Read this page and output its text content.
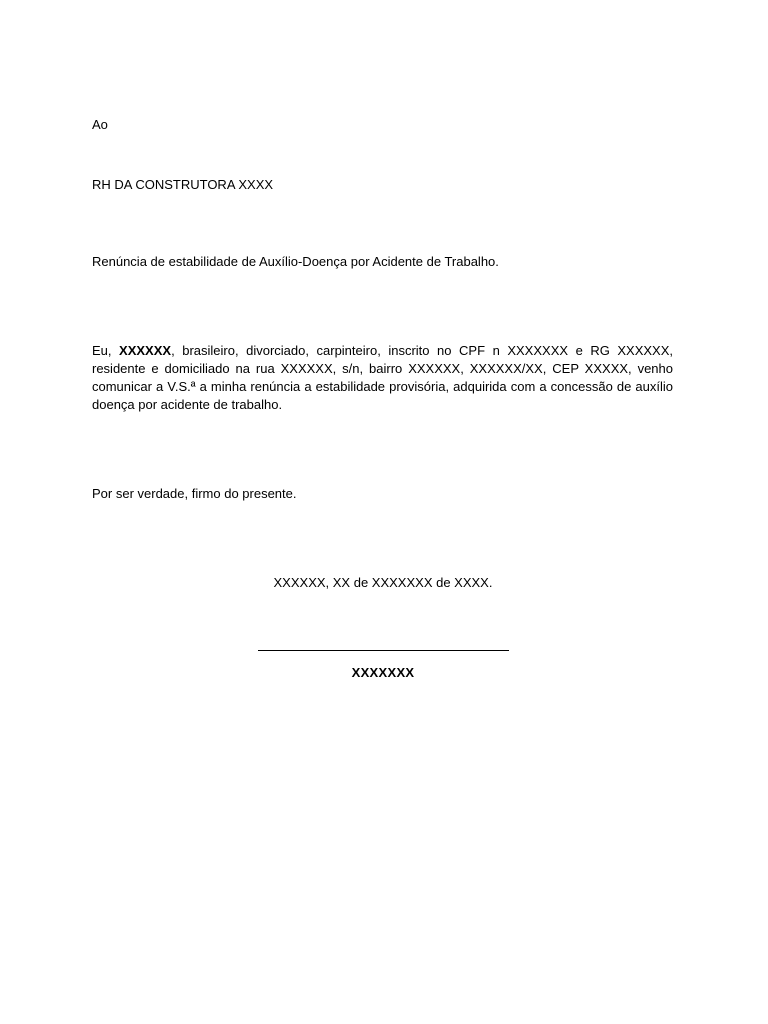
Ao
RH DA CONSTRUTORA XXXX
Renúncia de estabilidade de Auxílio-Doença por Acidente de Trabalho.
Eu, XXXXXX, brasileiro, divorciado, carpinteiro, inscrito no CPF n XXXXXXX e RG XXXXXX, residente e domiciliado na rua XXXXXX, s/n, bairro XXXXXX, XXXXXX/XX, CEP XXXXX, venho comunicar a V.S.ª a minha renúncia a estabilidade provisória, adquirida com a concessão de auxílio doença por acidente de trabalho.
Por ser verdade, firmo do presente.
XXXXXX, XX de XXXXXXX de XXXX.
XXXXXXX
